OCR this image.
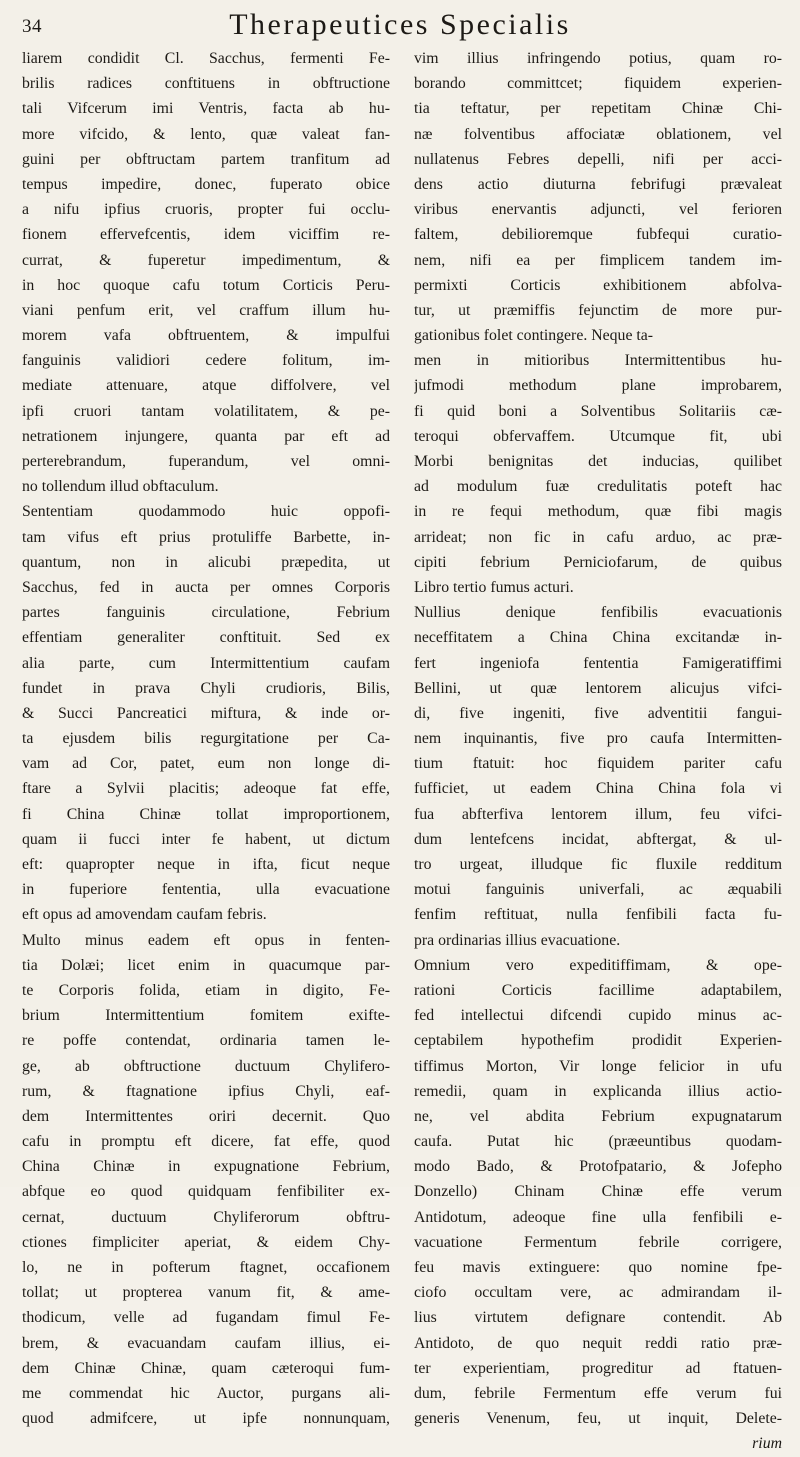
34	Therapeutices Specialis
liarem condidit Cl. Sacchus, fermenti Fe-
brilis radices conftituens in obftructione
tali Vifcerum imi Ventris, facta ab hu-
more vifcido, & lento, quæ valeat fan-
guini per obftructam partem tranfitum ad
tempus impedire, donec, fuperato obice
a nifu ipfius cruoris, propter fui occlu-
fionem effervefcentis, idem viciffim re-
currat, & fuperetur impedimentum, &
in hoc quoque cafu totum Corticis Peru-
viani penfum erit, vel craffum illum hu-
morem vafa obftruentem, & impulfui
fanguinis validiori cedere folitum, im-
mediate attenuare, atque diffolvere, vel
ipfi cruori tantam volatilitatem, & pe-
netrationem injungere, quanta par eft ad
perterebrandum, fuperandum, vel omni-
no tollendum illud obftaculum.
Sententiam quodammodo huic oppofi-
tam vifus eft prius protuliffe Barbette, in-
quantum, non in alicubi præpedita, ut
Sacchus, fed in aucta per omnes Corporis
partes fanguinis circulatione, Febrium
effentiam generaliter conftituit. Sed ex
alia parte, cum Intermittentium caufam
fundet in prava Chyli crudioris, Bilis,
& Succi Pancreatici miftura, & inde or-
ta ejusdem bilis regurgitatione per Ca-
vam ad Cor, patet, eum non longe di-
ftare a Sylvii placitis; adeoque fat effe,
fi China Chinæ tollat improportionem,
quam ii fucci inter fe habent, ut dictum
eft: quapropter neque in ifta, ficut neque
in fuperiore fententia, ulla evacuatione
eft opus ad amovendam caufam febris.
Multo minus eadem eft opus in fenten-
tia Dolæi; licet enim in quacumque par-
te Corporis folida, etiam in digito, Fe-
brium Intermittentium fomitem exifte-
re poffe contendat, ordinaria tamen le-
ge, ab obftructione ductuum Chylifero-
rum, & ftagnatione ipfius Chyli, eaf-
dem Intermittentes oriri decernit. Quo
cafu in promptu eft dicere, fat effe, quod
China Chinæ in expugnatione Febrium,
abfque eo quod quidquam fenfibiliter ex-
cernat, ductuum Chyliferorum obftru-
ctiones fimpliciter aperiat, & eidem Chy-
lo, ne in pofterum ftagnet, occafionem
tollat; ut propterea vanum fit, & ame-
thodicum, velle ad fugandam fimul Fe-
brem, & evacuandam caufam illius, ei-
dem Chinæ Chinæ, quam cæteroqui fum-
me commendat hic Auctor, purgans ali-
quod admifcere, ut ipfe nonnunquam,
vim illius infringendo potius, quam ro-
borando committcet; fiquidem experien-
tia teftatur, per repetitam Chinæ Chi-
næ folventibus affociatæ oblationem, vel
nullatenus Febres depelli, nifi per acci-
dens actio diuturna febrifugi prævaleat
viribus enervantis adjuncti, vel ferioren
faltem, debilioremque fubfequi curatio-
nem, nifi ea per fimplicem tandem im-
permixti Corticis exhibitionem abfolva-
tur, ut præmiffis fejunctim de more pur-
gationibus folet contingere. Neque ta-
men in mitioribus Intermittentibus hu-
jufmodi methodum plane improbarem,
fi quid boni a Solventibus Solitariis cæ-
teroqui obfervaffem. Utcumque fit, ubi
Morbi benignitas det inducias, quilibet
ad modulum fuæ credulitatis poteft hac
in re fequi methodum, quæ fibi magis
arrideat; non fic in cafu arduo, ac præ-
cipiti febrium Perniciofarum, de quibus
Libro tertio fumus acturi.
Nullius denique fenfibilis evacuationis
neceffitatem a China China excitandæ in-
fert ingeniofa fententia Famigeratiffimi
Bellini, ut quæ lentorem alicujus vifci-
di, five ingeniti, five adventitii fangui-
nem inquinantis, five pro caufa Intermitten-
tium ftatuit: hoc fiquidem pariter cafu
fufficiet, ut eadem China China fola vi
fua abfterfiva lentorem illum, feu vifci-
dum lentefcens incidat, abftergat, & ul-
tro urgeat, illudque fic fluxile redditum
motui fanguinis univerfali, ac æquabili
fenfim reftituat, nulla fenfibili facta fu-
pra ordinarias illius evacuatione.
Omnium vero expeditiffimam, & ope-
rationi Corticis facillime adaptabilem,
fed intellectui difcendi cupido minus ac-
ceptabilem hypothefim prodidit Experien-
tiffimus Morton, Vir longe felicior in ufu
remedii, quam in explicanda illius actio-
ne, vel abdita Febrium expugnatarum
caufa. Putat hic (præeuntibus quodam-
modo Bado, & Protofpatario, & Jofepho
Donzello) Chinam Chinæ effe verum
Antidotum, adeoque fine ulla fenfibili e-
vacuatione Fermentum febrile corrigere,
feu mavis extinguere: quo nomine fpe-
ciofo occultam vere, ac admirandam il-
lius virtutem defignare contendit. Ab
Antidoto, de quo nequit reddi ratio præ-
ter experientiam, progreditur ad ftatuen-
dum, febrile Fermentum effe verum fui
generis Venenum, feu, ut inquit, Delete-
rium
